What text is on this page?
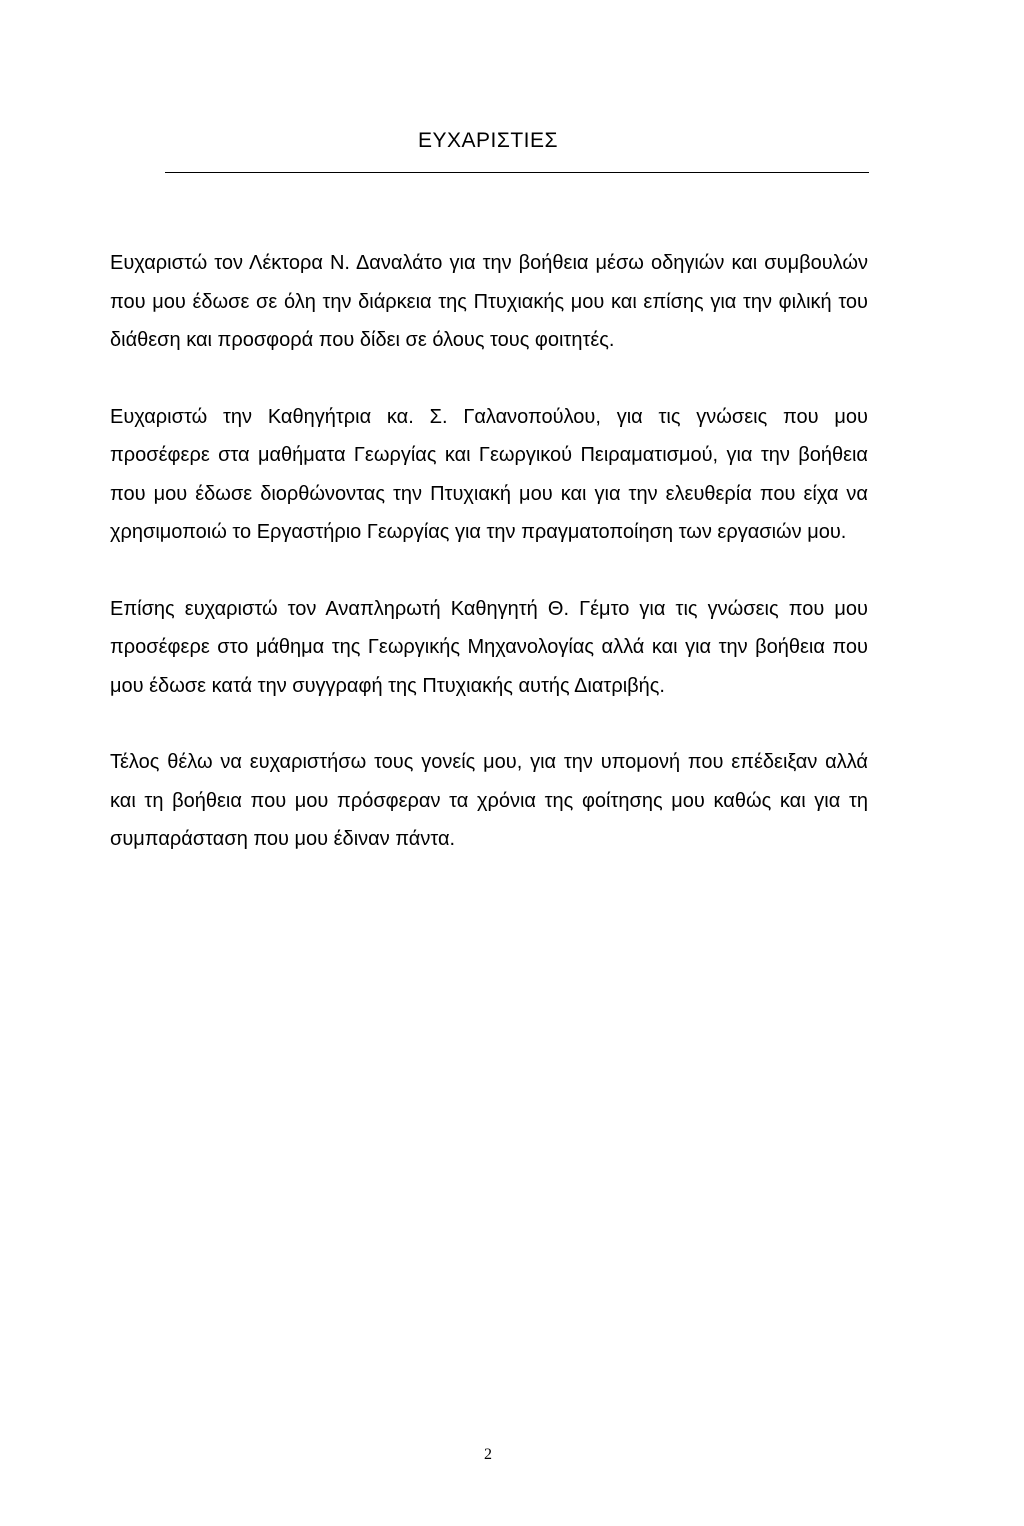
ΕΥΧΑΡΙΣΤΙΕΣ

Ευχαριστώ τον Λέκτορα Ν. Δαναλάτο για την βοήθεια μέσω οδηγιών και συμβουλών που μου έδωσε σε όλη την διάρκεια της Πτυχιακής μου και επίσης για την φιλική του διάθεση και προσφορά που δίδει σε όλους τους φοιτητές.

Ευχαριστώ την Καθηγήτρια κα. Σ. Γαλανοπούλου, για τις γνώσεις που μου προσέφερε στα μαθήματα Γεωργίας και Γεωργικού Πειραματισμού, για την βοήθεια που μου έδωσε διορθώνοντας την Πτυχιακή μου και για την ελευθερία που είχα να χρησιμοποιώ το Εργαστήριο Γεωργίας για την πραγματοποίηση των εργασιών μου.

Επίσης ευχαριστώ τον Αναπληρωτή Καθηγητή Θ. Γέμτο για τις γνώσεις που μου προσέφερε στο μάθημα της Γεωργικής Μηχανολογίας αλλά και για την βοήθεια που μου έδωσε κατά την συγγραφή της Πτυχιακής αυτής Διατριβής.

Τέλος θέλω να ευχαριστήσω τους γονείς μου, για την υπομονή που επέδειξαν αλλά και τη βοήθεια που μου πρόσφεραν τα χρόνια της φοίτησης μου καθώς και για τη συμπαράσταση που μου έδιναν πάντα.

2
